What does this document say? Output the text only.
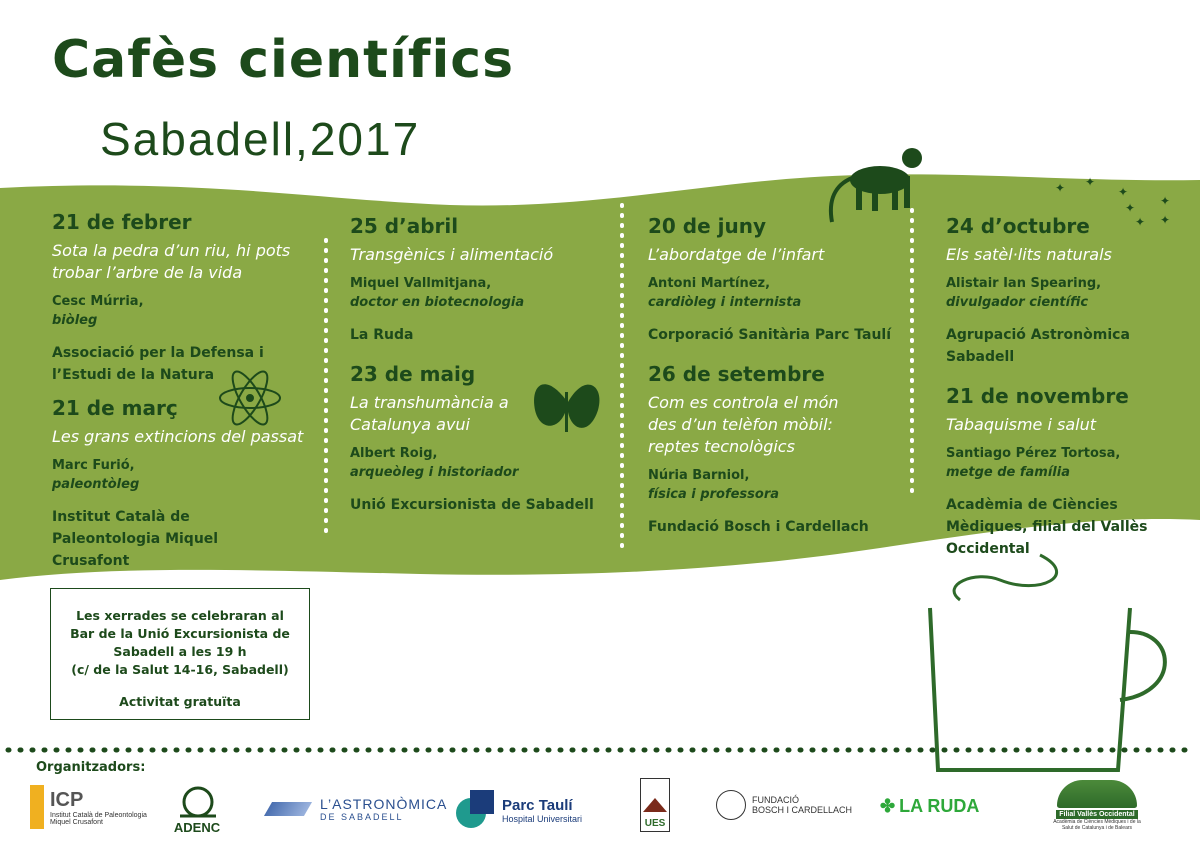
✦ ✦
✦
✦
✦
✦ ✦
Cafès científics
Sabadell,2017
21 de febrer
Sota la pedra d’un riu, hi pots trobar l’arbre de la vida
Cesc Múrria,
biòleg
Associació per la Defensa i l’Estudi de la Natura
21 de març
Les grans extincions del passat
Marc Furió,
paleontòleg
Institut Català de Paleontologia Miquel Crusafont
25 d’abril
Transgènics i alimentació
Miquel Vallmitjana,
doctor en biotecnologia
La Ruda
23 de maig
La transhumància a Catalunya avui
Albert Roig,
arqueòleg i historiador
Unió Excursionista de Sabadell
20 de juny
L’abordatge de l’infart
Antoni Martínez,
cardiòleg i internista
Corporació Sanitària Parc Taulí
26 de setembre
Com es controla el món des d’un telèfon mòbil: reptes tecnològics
Núria Barniol,
física i professora
Fundació Bosch i Cardellach
24 d’octubre
Els satèl·lits naturals
Alistair Ian Spearing,
divulgador científic
Agrupació Astronòmica Sabadell
21 de novembre
Tabaquisme i salut
Santiago Pérez Tortosa,
metge de família
Acadèmia de Ciències Mèdiques, filial del Vallès Occidental
Les xerrades se celebraran al
Bar de la Unió Excursionista de
Sabadell a les 19 h
(c/ de la Salut 14-16, Sabadell)
Activitat gratuïta
Organitzadors:
ICP
Institut Català de Paleontologia
Miquel Crusafont	ADENC
L’ASTRONÒMICA
DE SABADELL
Parc Taulí
Hospital Universitari	UES
FUNDACIÓ
BOSCH I CARDELLACH ✤ LA RUDA	Filial Vallès Occidental
Acadèmia de Ciències Mèdiques i de la Salut de Catalunya i de Balears
